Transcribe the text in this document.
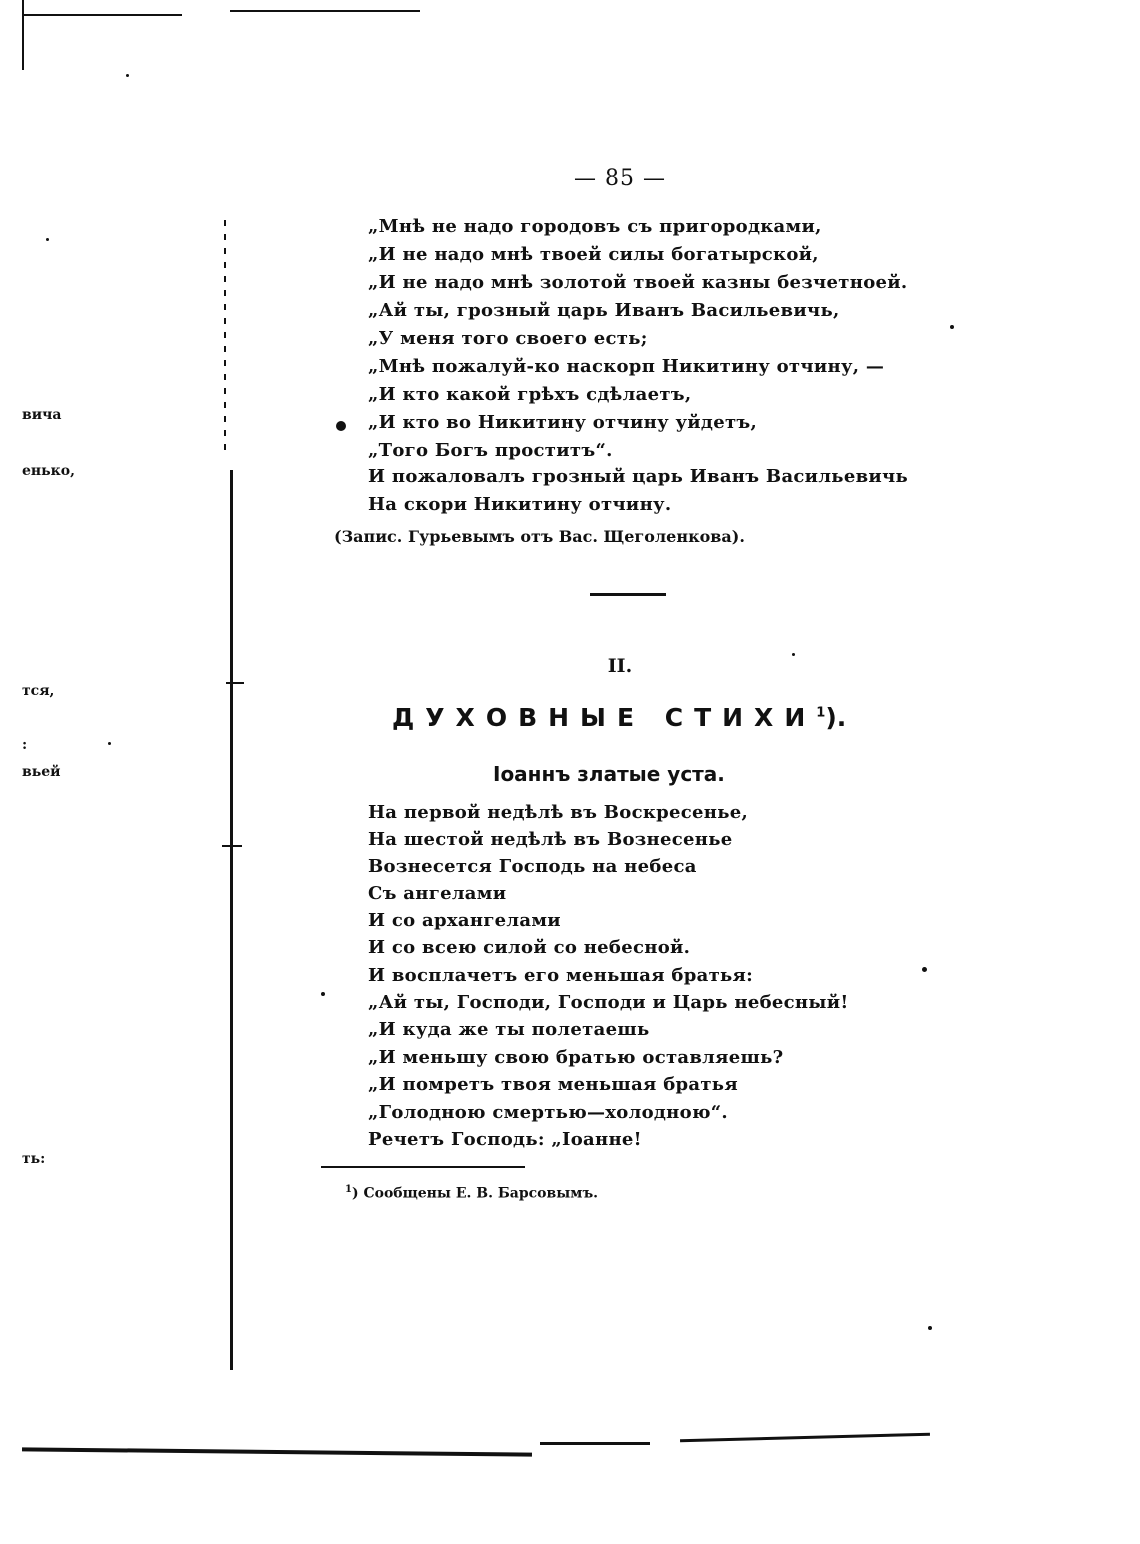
вича
енько,
тся,
:
вьей
ть:
— 85 —
„Мнѣ не надо городовъ съ пригородками,
„И не надо мнѣ твоей силы богатырской,
„И не надо мнѣ золотой твоей казны безчетноей.
„Ай ты, грозный царь Иванъ Васильевичь,
„У меня того своего есть;
„Мнѣ пожалуй-ко наскорп Никитину отчину, —
„И кто какой грѣхъ сдѣлаетъ,
„И кто во Никитину отчину уйдетъ,
„Того Богъ проститъ“.
И пожаловалъ грозный царь Иванъ Васильевичь
На скори Никитину отчину.
(Запис. Гурьевымъ отъ Вас. Щеголенкова).
II.
ДУХОВНЫЕ СТИХИ$^1$).
Іоаннъ златые уста.
На первой недѣлѣ въ Воскресенье,
На шестой недѣлѣ въ Вознесенье
Вознесется Господь на небеса
Съ ангелами
И со архангелами
И со всею силой со небесной.
И восплачетъ его меньшая братья:
„Ай ты, Господи, Господи и Царь небесный!
„И куда же ты полетаешь
„И меньшу свою братью оставляешь?
„И помретъ твоя меньшая братья
„Голодною смертью—холодною“.
Речетъ Господь: „Іоанне!
$^1$) Сообщены Е. В. Барсовымъ.
